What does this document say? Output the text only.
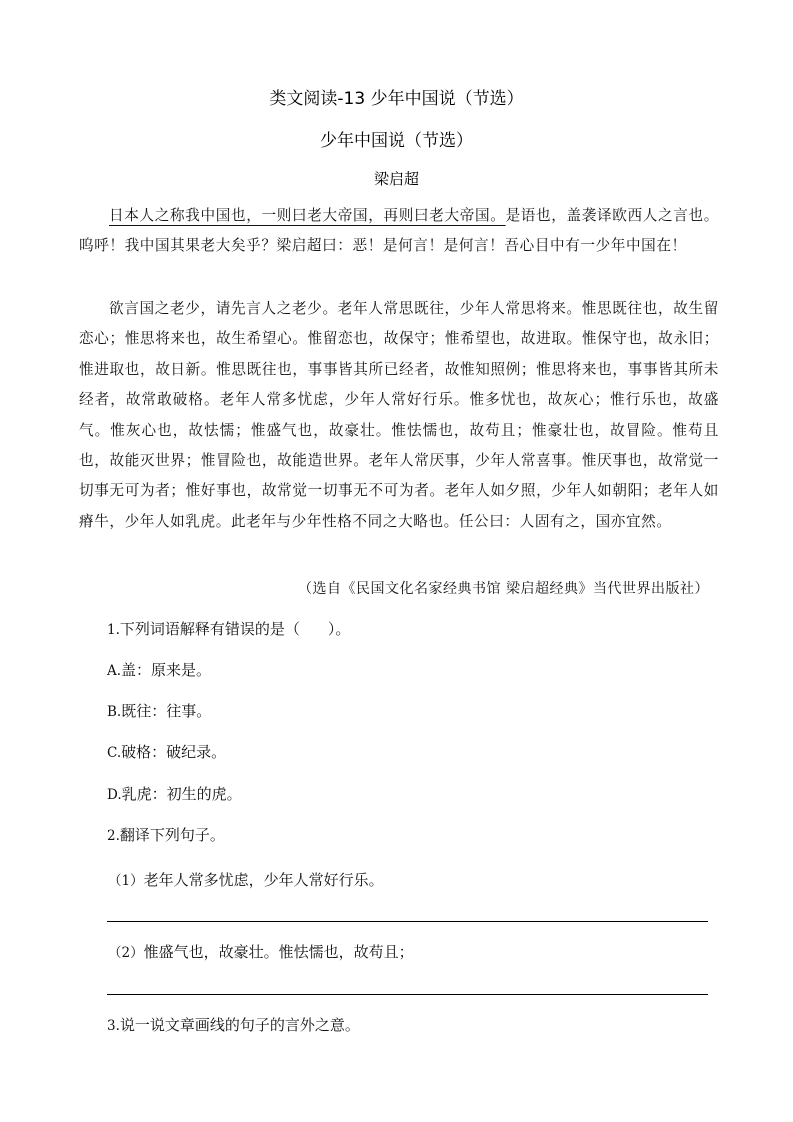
类文阅读-13 少年中国说（节选）
少年中国说（节选）
梁启超
日本人之称我中国也，一则曰老大帝国，再则曰老大帝国。是语也，盖袭译欧西人之言也。呜呼！我中国其果老大矣乎？梁启超曰：恶！是何言！是何言！吾心目中有一少年中国在！
欲言国之老少，请先言人之老少。老年人常思既往，少年人常思将来。惟思既往也，故生留恋心；惟思将来也，故生希望心。惟留恋也，故保守；惟希望也，故进取。惟保守也，故永旧；惟进取也，故日新。惟思既往也，事事皆其所已经者，故惟知照例；惟思将来也，事事皆其所未经者，故常敢破格。老年人常多忧虑，少年人常好行乐。惟多忧也，故灰心；惟行乐也，故盛气。惟灰心也，故怯懦；惟盛气也，故豪壮。惟怯懦也，故苟且；惟豪壮也，故冒险。惟苟且也，故能灭世界；惟冒险也，故能造世界。老年人常厌事，少年人常喜事。惟厌事也，故常觉一切事无可为者；惟好事也，故常觉一切事无不可为者。老年人如夕照，少年人如朝阳；老年人如瘠牛，少年人如乳虎。此老年与少年性格不同之大略也。任公曰：人固有之，国亦宜然。
（选自《民国文化名家经典书馆 梁启超经典》当代世界出版社）
1.下列词语解释有错误的是（ ）。
A.盖：原来是。
B.既往：往事。
C.破格：破纪录。
D.乳虎：初生的虎。
2.翻译下列句子。
（1）老年人常多忧虑，少年人常好行乐。
（2）惟盛气也，故豪壮。惟怯懦也，故苟且；
3.说一说文章画线的句子的言外之意。
